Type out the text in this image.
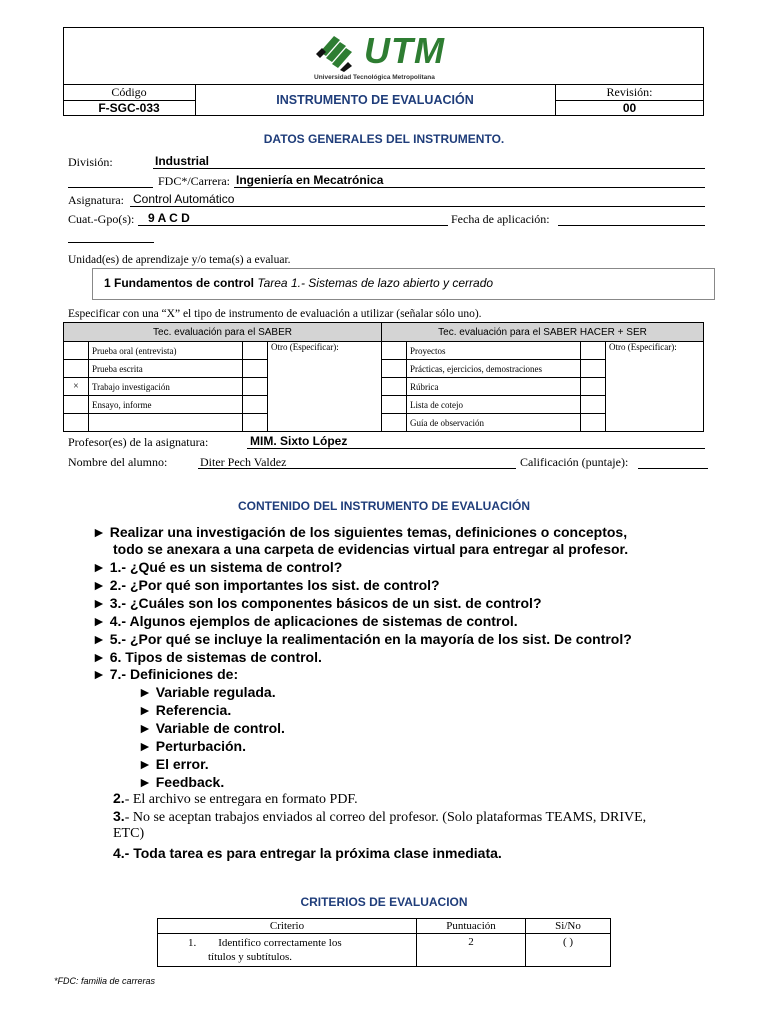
UTM
Universidad Tecnológica Metropolitana
Código
F-SGC-033
INSTRUMENTO DE EVALUACIÓN
Revisión:
00
DATOS GENERALES DEL INSTRUMENTO.
División:	Industrial
FDC*/Carrera: Ingeniería en Mecatrónica
Asignatura: Control Automático
Cuat.-Gpo(s): 9 A C D	Fecha de aplicación:
Unidad(es) de aprendizaje y/o tema(s) a evaluar.
1 Fundamentos de control Tarea 1.- Sistemas de lazo abierto y cerrado
Especificar con una “X” el tipo de instrumento de evaluación a utilizar (señalar sólo uno).
Tec. evaluación para el SABER				Tec. evaluación para el SABER HACER + SER			
	Prueba oral (entrevista)		Otro (Especificar):		Proyectos		Otro (Especificar):
	Prueba escrita				Prácticas, ejercicios, demostraciones		
×	Trabajo investigación				Rúbrica		
	Ensayo, informe				Lista de cotejo		
					Guía de observación		
Profesor(es) de la asignatura:	MIM. Sixto López
Nombre del alumno:	Diter Pech Valdez	Calificación (puntaje):
CONTENIDO DEL INSTRUMENTO DE EVALUACIÓN
► Realizar una investigación de los siguientes temas, definiciones o conceptos,
todo se anexara a una carpeta de evidencias virtual para entregar al profesor.
► 1.- ¿Qué es un sistema de control?
► 2.- ¿Por qué son importantes los sist. de control?
► 3.- ¿Cuáles son los componentes básicos de un sist. de control?
► 4.- Algunos ejemplos de aplicaciones de sistemas de control.
► 5.- ¿Por qué se incluye la realimentación en la mayoría de los sist. De control?
► 6. Tipos de sistemas de control.
► 7.- Definiciones de:
► Variable regulada.
► Referencia.
► Variable de control.
► Perturbación.
► El error.
► Feedback.
2.- El archivo se entregara en formato PDF.
3.- No se aceptan trabajos enviados al correo del profesor. (Solo plataformas TEAMS, DRIVE,
ETC)
4.- Toda tarea es para entregar la próxima clase inmediata.
CRITERIOS DE EVALUACION
Criterio	Puntuación	Si/No
1. Identifico correctamente los
títulos y subtítulos.	2	( )
*FDC: familia de carreras
